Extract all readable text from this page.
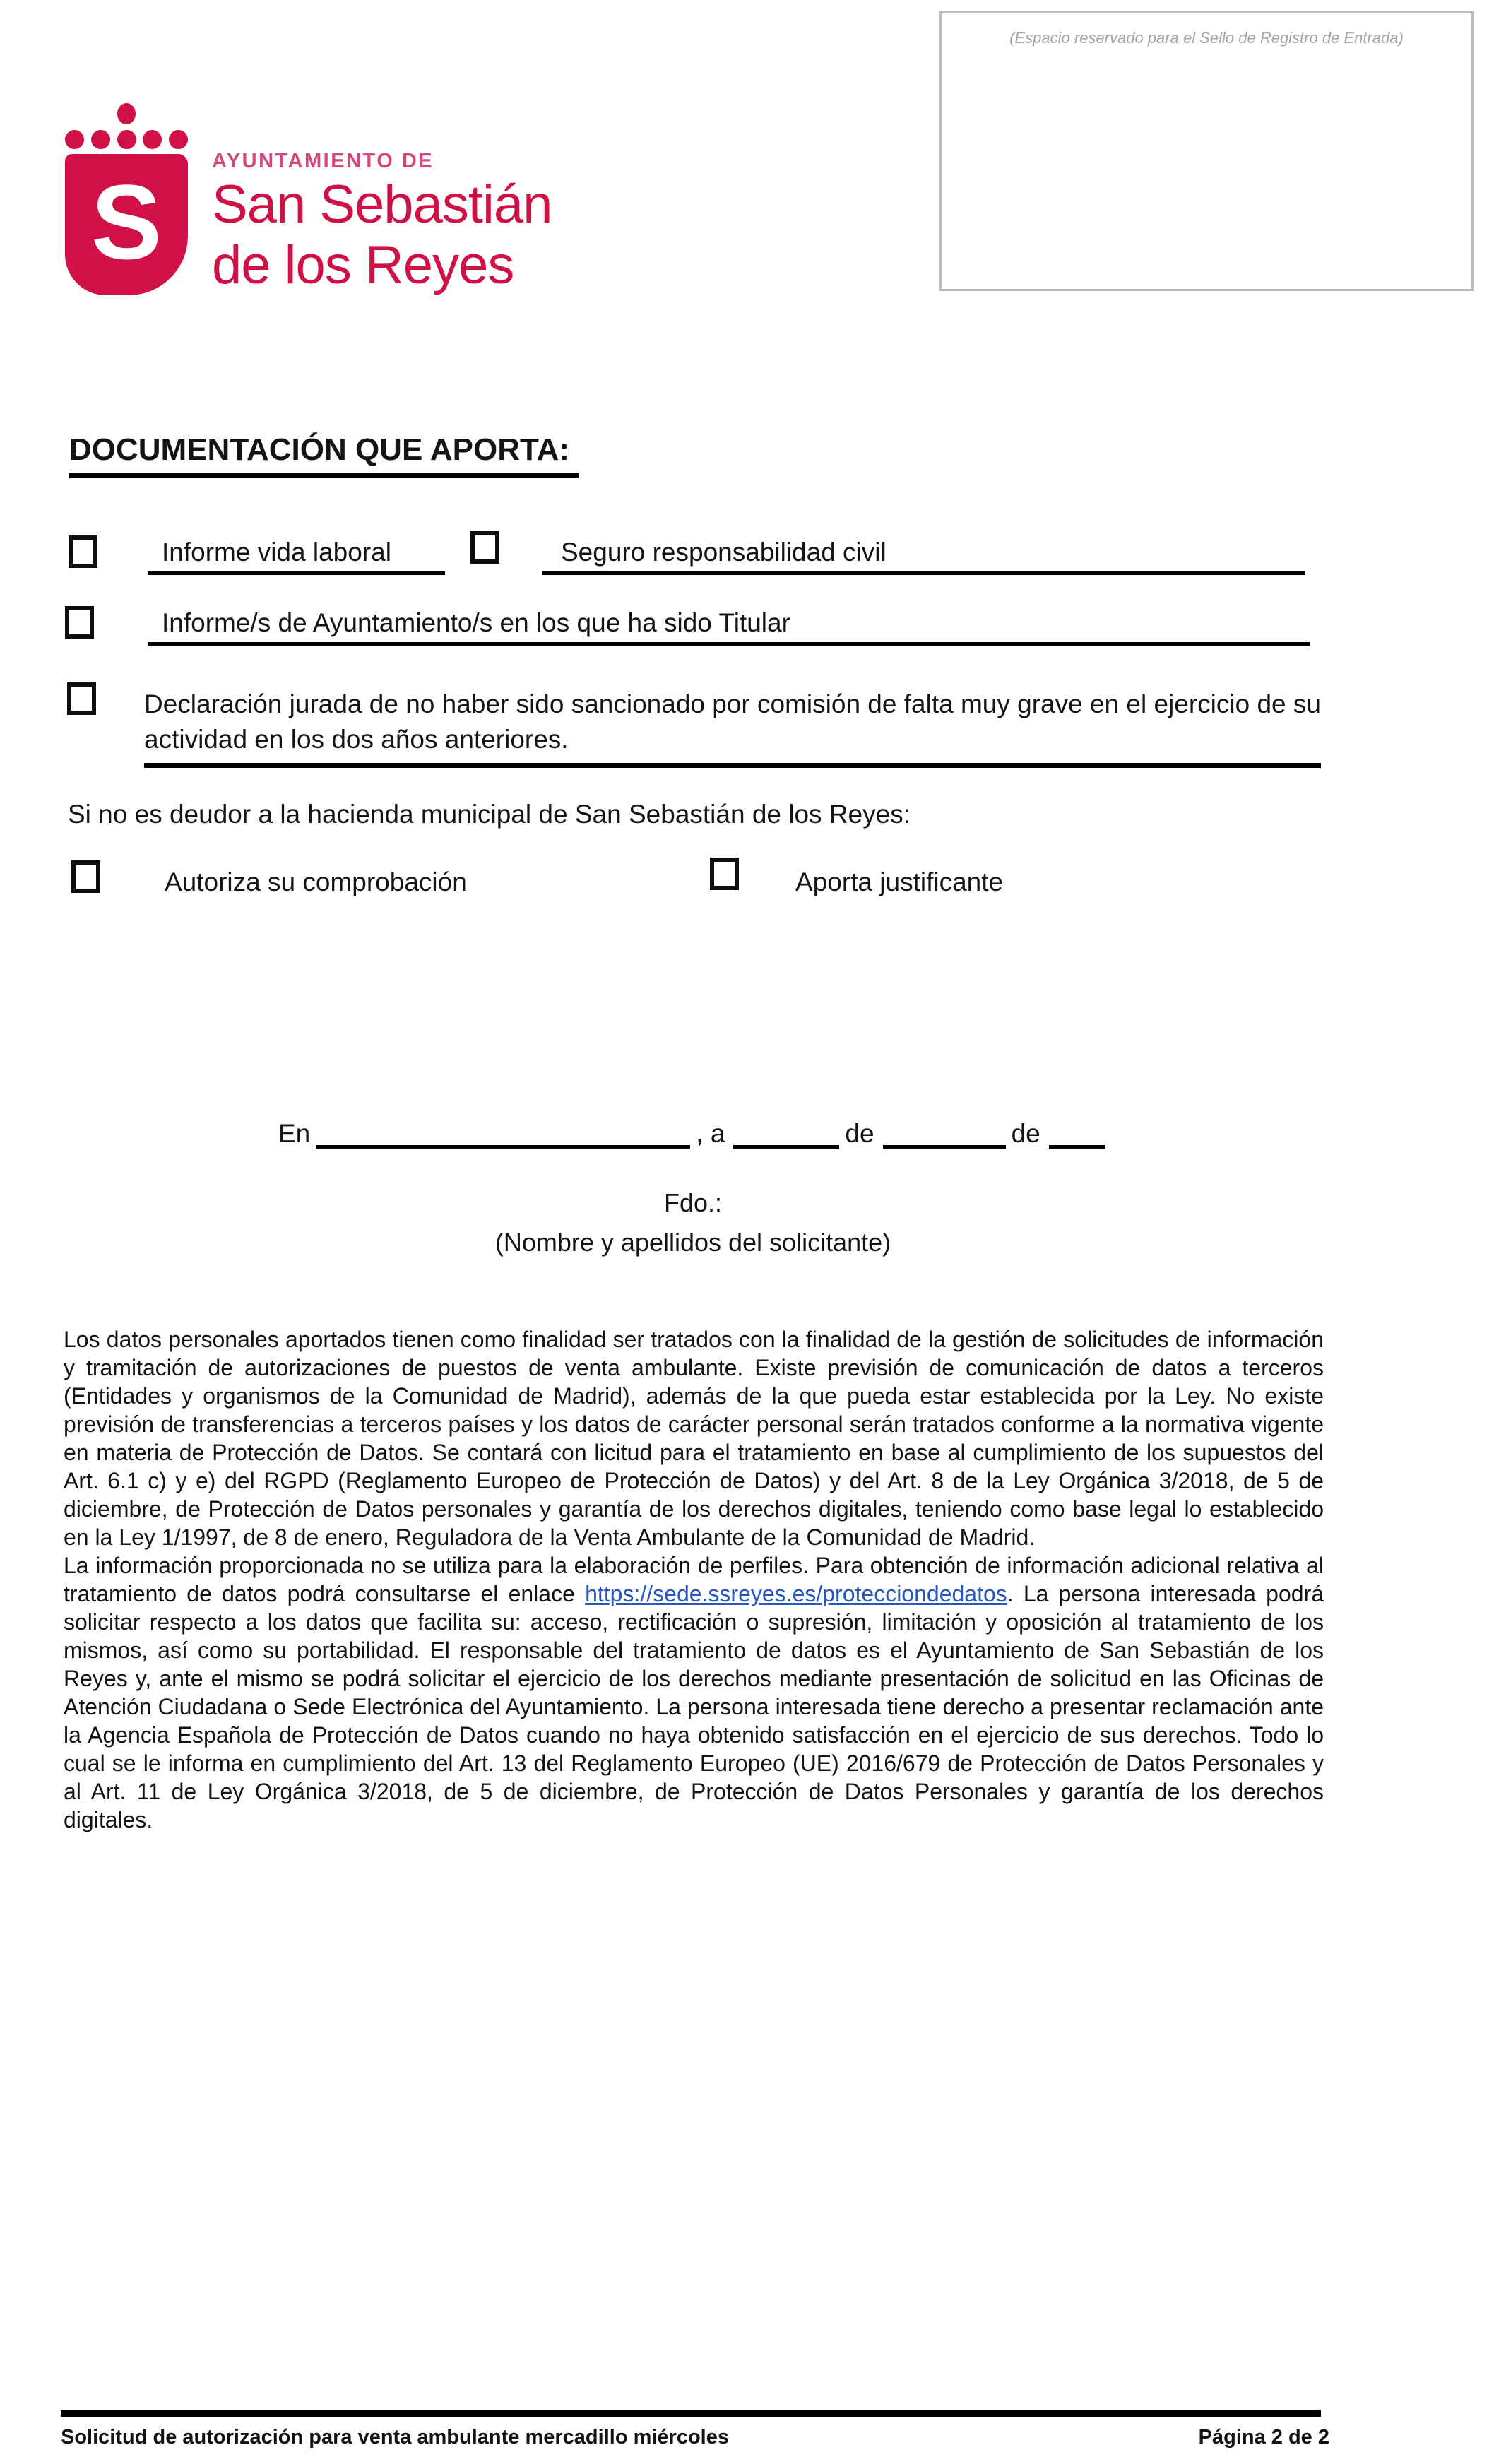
(Espacio reservado para el Sello de Registro de Entrada)
S
AYUNTAMIENTO DE
San Sebastián
de los Reyes
DOCUMENTACIÓN QUE APORTA:
Informe vida laboral	Seguro responsabilidad civil
Informe/s de Ayuntamiento/s en los que ha sido Titular
Declaración jurada de no haber sido sancionado por comisión de falta muy grave en el ejercicio de su actividad en los dos años anteriores.
Si no es deudor a la hacienda municipal de San Sebastián de los Reyes:
Autoriza su comprobación	Aporta justificante
En	, a	de	de
Fdo.:
(Nombre y apellidos del solicitante)

Los datos personales aportados tienen como finalidad ser tratados con la finalidad de la gestión de solicitudes de información y tramitación de autorizaciones de puestos de venta ambulante. Existe previsión de comunicación de datos a terceros (Entidades y organismos de la Comunidad de Madrid), además de la que pueda estar establecida por la Ley. No existe previsión de transferencias a terceros países y los datos de carácter personal serán tratados conforme a la normativa vigente en materia de Protección de Datos. Se contará con licitud para el tratamiento en base al cumplimiento de los supuestos del Art. 6.1 c) y e) del RGPD (Reglamento Europeo de Protección de Datos) y del Art. 8 de la Ley Orgánica 3/2018, de 5 de diciembre, de Protección de Datos personales y garantía de los derechos digitales, teniendo como base legal lo establecido en la Ley 1/1997, de 8 de enero, Reguladora de la Venta Ambulante de la Comunidad de Madrid.

La información proporcionada no se utiliza para la elaboración de perfiles. Para obtención de información adicional relativa al tratamiento de datos podrá consultarse el enlace https://sede.ssreyes.es/protecciondedatos. La persona interesada podrá solicitar respecto a los datos que facilita su: acceso, rectificación o supresión, limitación y oposición al tratamiento de los mismos, así como su portabilidad. El responsable del tratamiento de datos es el Ayuntamiento de San Sebastián de los Reyes y, ante el mismo se podrá solicitar el ejercicio de los derechos mediante presentación de solicitud en las Oficinas de Atención Ciudadana o Sede Electrónica del Ayuntamiento. La persona interesada tiene derecho a presentar reclamación ante la Agencia Española de Protección de Datos cuando no haya obtenido satisfacción en el ejercicio de sus derechos. Todo lo cual se le informa en cumplimiento del Art. 13 del Reglamento Europeo (UE) 2016/679 de Protección de Datos Personales y al Art. 11 de Ley Orgánica 3/2018, de 5 de diciembre, de Protección de Datos Personales y garantía de los derechos digitales.

Solicitud de autorización para venta ambulante mercadillo miércoles	Página 2 de 2
